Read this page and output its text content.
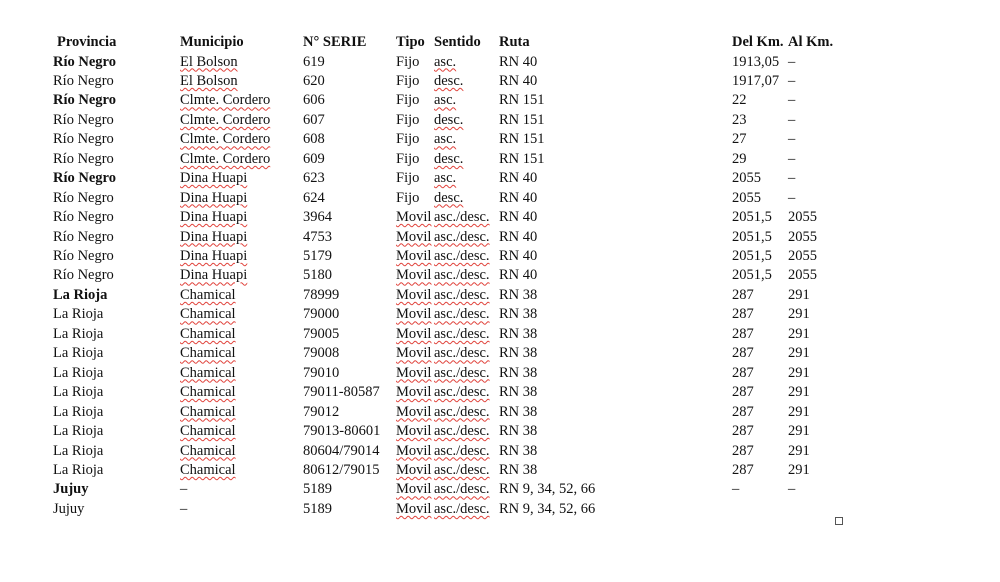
Provincia	Municipio	N° SERIE Tipo Sentido Ruta	Del Km. Al Km.
Río Negro	El Bolson	619	Fijo asc.	RN 40	1913,05 –
Río Negro	El Bolson	620	Fijo desc. RN 40	1917,07 –
Río Negro	Clmte. Cordero 606	Fijo asc.	RN 151	22	–
Río Negro	Clmte. Cordero 607	Fijo desc. RN 151	23	–
Río Negro	Clmte. Cordero 608	Fijo asc.	RN 151	27	–
Río Negro	Clmte. Cordero 609	Fijo desc. RN 151	29	–
Río Negro	Dina Huapi	623	Fijo asc.	RN 40	2055 –
Río Negro	Dina Huapi	624	Fijo desc. RN 40	2055 –
Río Negro	Dina Huapi	3964	Movil asc./desc. RN 40	2051,5 2055
Río Negro	Dina Huapi	4753	Movil asc./desc. RN 40	2051,5 2055
Río Negro	Dina Huapi	5179	Movil asc./desc. RN 40	2051,5 2055
Río Negro	Dina Huapi	5180	Movil asc./desc. RN 40	2051,5 2055
La Rioja	Chamical	78999	Movil asc./desc. RN 38	287 291
La Rioja	Chamical	79000	Movil asc./desc. RN 38	287 291
La Rioja	Chamical	79005	Movil asc./desc. RN 38	287 291
La Rioja	Chamical	79008	Movil asc./desc. RN 38	287 291
La Rioja	Chamical	79010	Movil asc./desc. RN 38	287 291
La Rioja	Chamical	79011-80587 Movil asc./desc. RN 38	287 291
La Rioja	Chamical	79012	Movil asc./desc. RN 38	287 291
La Rioja	Chamical	79013-80601 Movil asc./desc. RN 38	287 291
La Rioja	Chamical	80604/79014 Movil asc./desc. RN 38	287 291
La Rioja	Chamical	80612/79015 Movil asc./desc. RN 38	287 291
Jujuy	–	5189	Movil asc./desc. RN 9, 34, 52, 66	–	–
Jujuy	–	5189	Movil asc./desc. RN 9, 34, 52, 66
